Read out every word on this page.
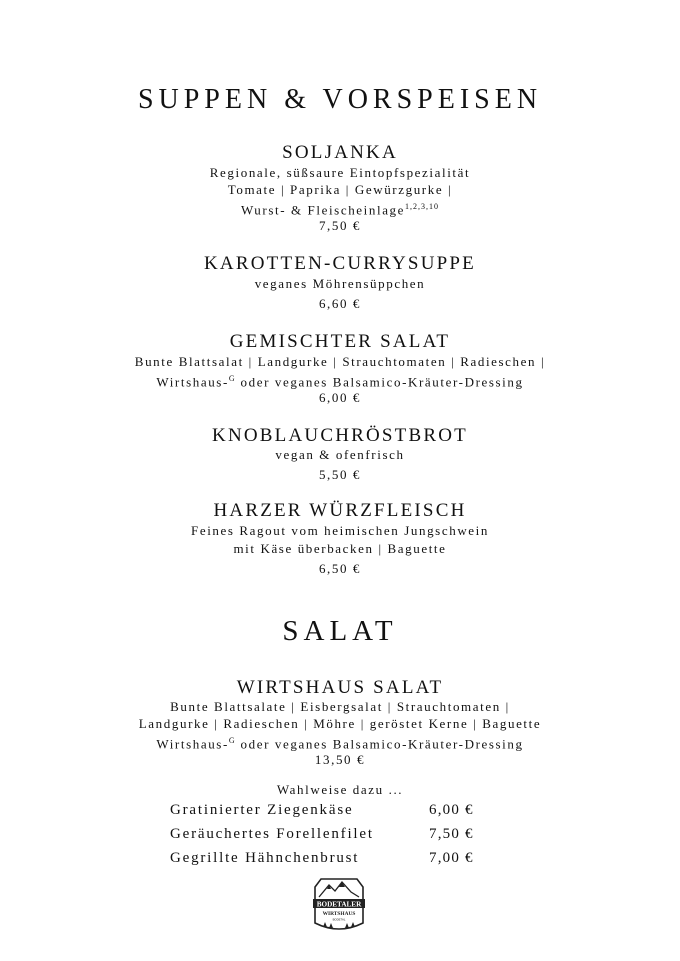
SUPPEN & VORSPEISEN
SOLJANKA
Regionale, süßsaure Eintopfspezialität
Tomate | Paprika | Gewürzgurke |
Wurst- & Fleischeinlage$^{1,2,3,10}$
7,50 €
KAROTTEN-CURRYSUPPE
veganes Möhrensüppchen
6,60 €
GEMISCHTER SALAT
Bunte Blattsalat | Landgurke | Strauchtomaten | Radieschen |
Wirtshaus-$^G$ oder veganes Balsamico-Kräuter-Dressing
6,00 €
KNOBLAUCHRÖSTBROT
vegan & ofenfrisch
5,50 €
HARZER WÜRZFLEISCH
Feines Ragout vom heimischen Jungschwein
mit Käse überbacken | Baguette
6,50 €
SALAT
WIRTSHAUS SALAT
Bunte Blattsalate | Eisbergsalat | Strauchtomaten |
Landgurke | Radieschen | Möhre | geröstet Kerne | Baguette
Wirtshaus-$^G$ oder veganes Balsamico-Kräuter-Dressing
13,50 €
Wahlweise dazu ...
Gratinierter Ziegenkäse	6,00 €
Geräuchertes Forellenfilet	7,50 €
Gegrillte Hähnchenbrust	7,00 €
BODETALER
WIRTSHAUS
BODETAL
